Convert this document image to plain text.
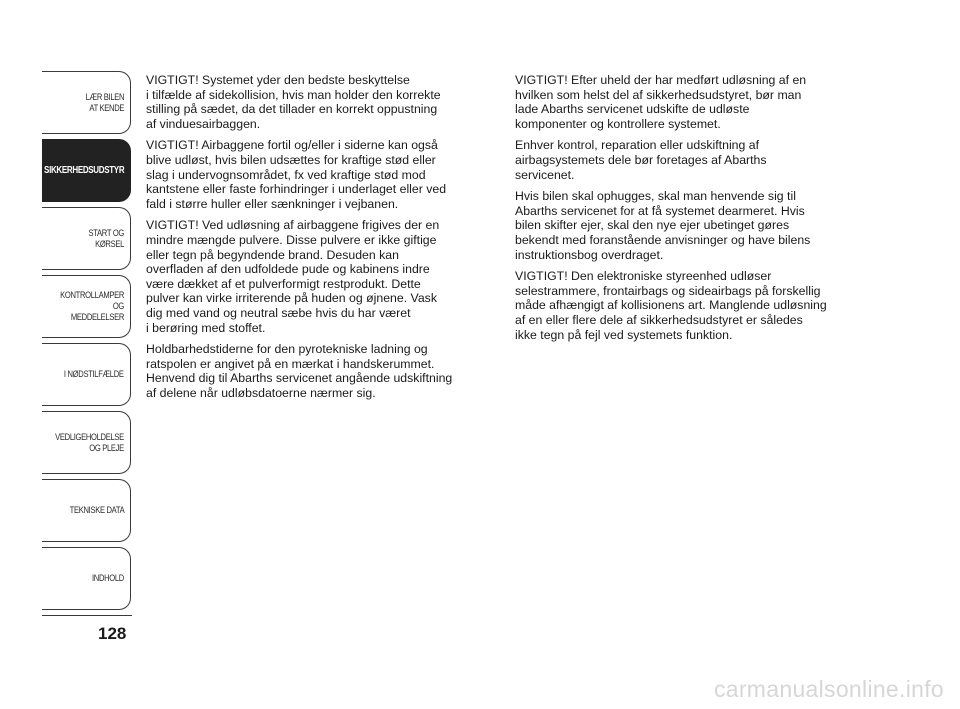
LÆR BILEN
AT KENDE
SIKKERHEDSUDSTYR
START OG KØRSEL
KONTROLLAMPER
OG MEDDELELSER
I NØDSTILFÆLDE
VEDLIGEHOLDELSE
OG PLEJE
TEKNISKE DATA
INDHOLD
128

VIGTIGT! Systemet yder den bedste beskyttelse
i tilfælde af sidekollision, hvis man holder den korrekte
stilling på sædet, da det tillader en korrekt oppustning
af vinduesairbaggen.

VIGTIGT! Airbaggene fortil og/eller i siderne kan også
blive udløst, hvis bilen udsættes for kraftige stød eller
slag i undervognsområdet, fx ved kraftige stød mod
kantstene eller faste forhindringer i underlaget eller ved
fald i større huller eller sænkninger i vejbanen.

VIGTIGT! Ved udløsning af airbaggene frigives der en
mindre mængde pulvere. Disse pulvere er ikke giftige
eller tegn på begyndende brand. Desuden kan
overfladen af den udfoldede pude og kabinens indre
være dækket af et pulverformigt restprodukt. Dette
pulver kan virke irriterende på huden og øjnene. Vask
dig med vand og neutral sæbe hvis du har været
i berøring med stoffet.

Holdbarhedstiderne for den pyrotekniske ladning og
ratspolen er angivet på en mærkat i handskerummet.
Henvend dig til Abarths servicenet angående udskiftning
af delene når udløbsdatoerne nærmer sig.

VIGTIGT! Efter uheld der har medført udløsning af en
hvilken som helst del af sikkerhedsudstyret, bør man
lade Abarths servicenet udskifte de udløste
komponenter og kontrollere systemet.

Enhver kontrol, reparation eller udskiftning af
airbagsystemets dele bør foretages af Abarths
servicenet.

Hvis bilen skal ophugges, skal man henvende sig til
Abarths servicenet for at få systemet dearmeret. Hvis
bilen skifter ejer, skal den nye ejer ubetinget gøres
bekendt med foranstående anvisninger og have bilens
instruktionsbog overdraget.

VIGTIGT! Den elektroniske styreenhed udløser
selestrammere, frontairbags og sideairbags på forskellig
måde afhængigt af kollisionens art. Manglende udløsning
af en eller flere dele af sikkerhedsudstyret er således
ikke tegn på fejl ved systemets funktion.

carmanualsonline.info
